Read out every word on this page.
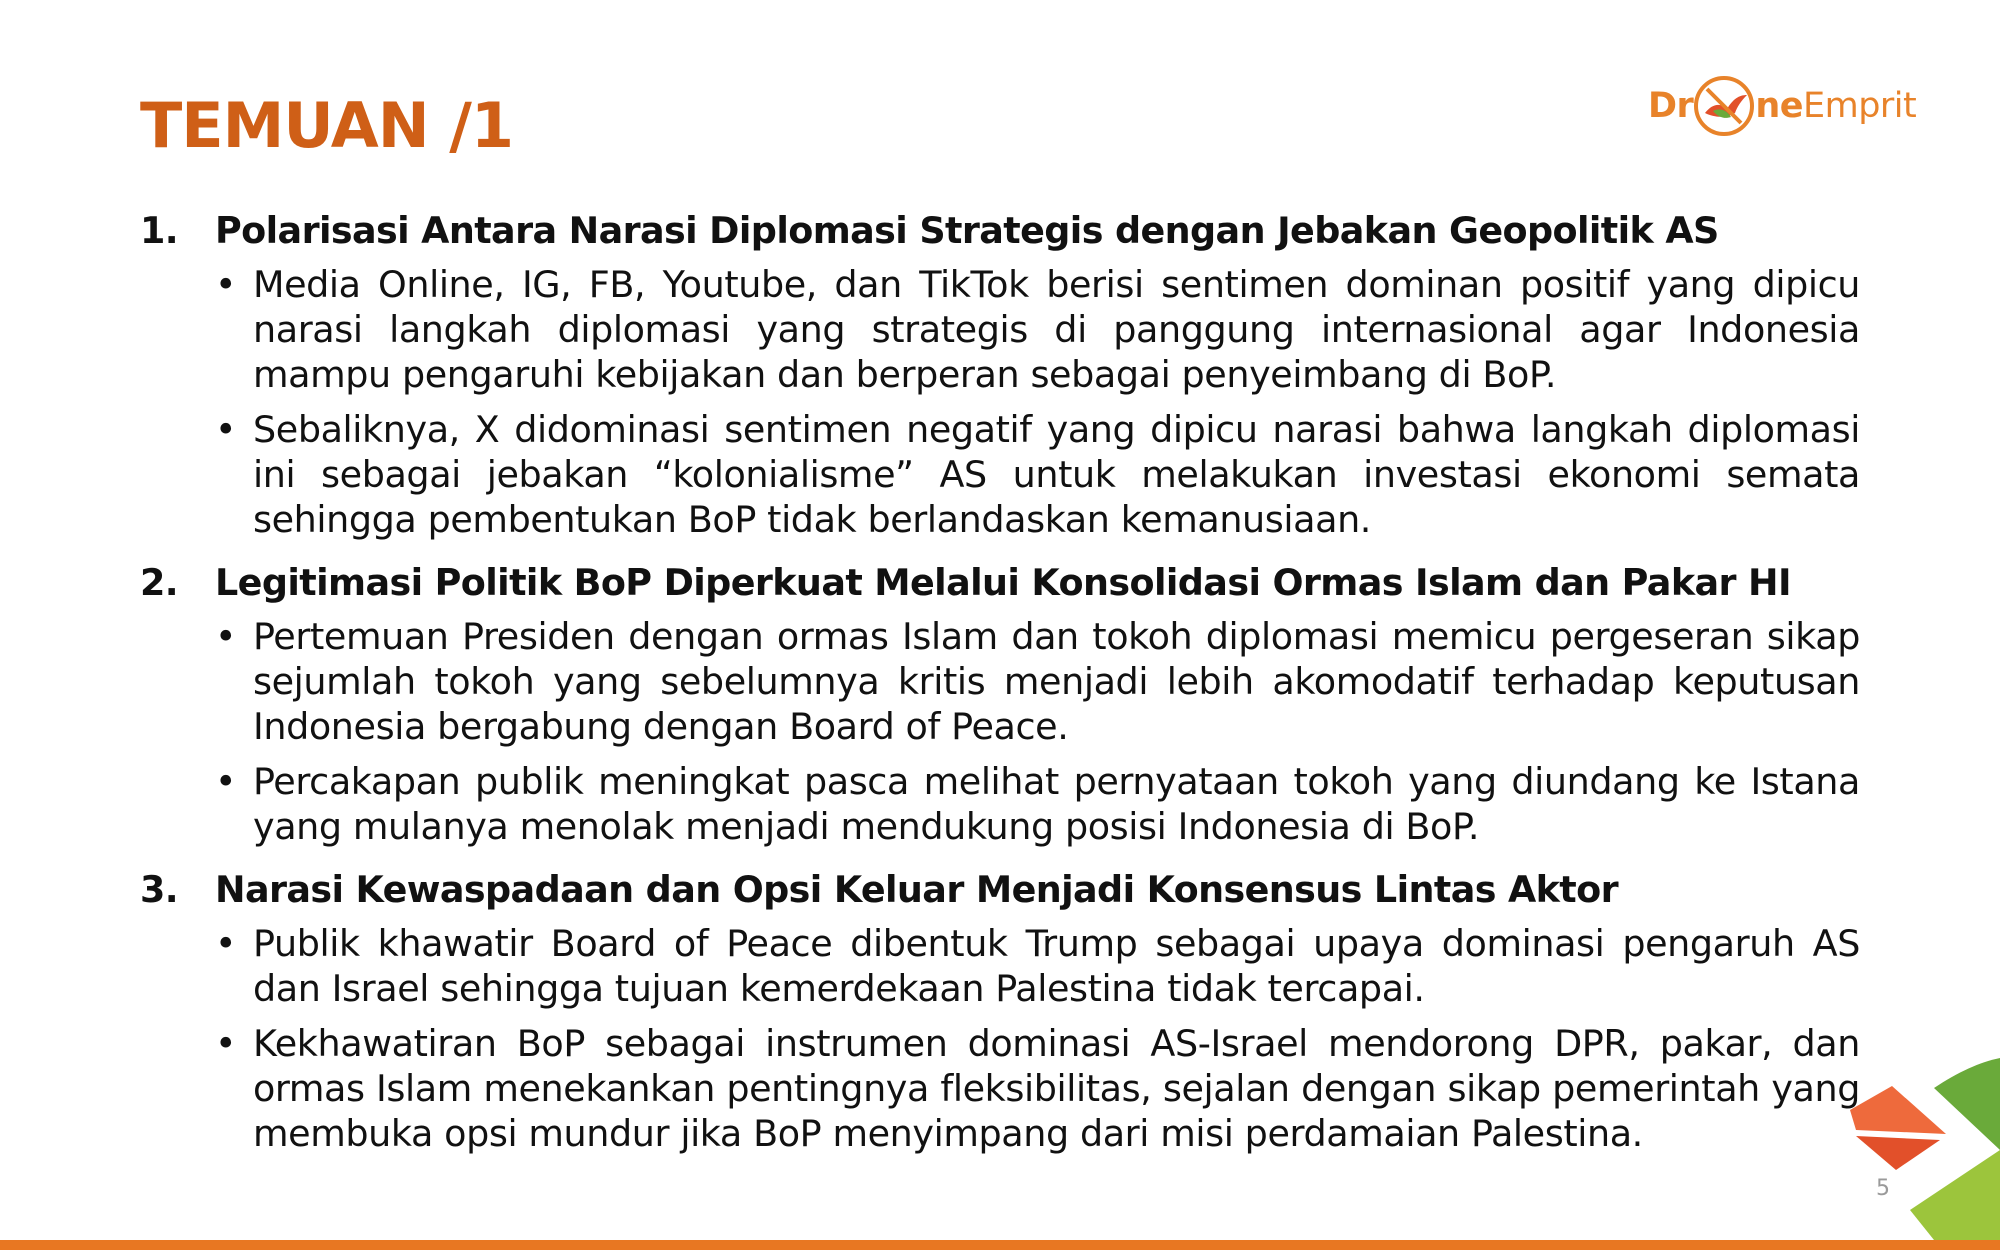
TEMUAN /1	Dr ne Emprit
1.	Polarisasi Antara Narasi Diplomasi Strategis dengan Jebakan Geopolitik AS
• Media Online, IG, FB, Youtube, dan TikTok berisi sentimen dominan positif yang dipicu narasi langkah diplomasi yang strategis di panggung internasional agar Indonesia mampu pengaruhi kebijakan dan berperan sebagai penyeimbang di BoP.
• Sebaliknya, X didominasi sentimen negatif yang dipicu narasi bahwa langkah diplomasi ini sebagai jebakan “kolonialisme” AS untuk melakukan investasi ekonomi semata sehingga pembentukan BoP tidak berlandaskan kemanusiaan.
2.	Legitimasi Politik BoP Diperkuat Melalui Konsolidasi Ormas Islam dan Pakar HI
• Pertemuan Presiden dengan ormas Islam dan tokoh diplomasi memicu pergeseran sikap sejumlah tokoh yang sebelumnya kritis menjadi lebih akomodatif terhadap keputusan Indonesia bergabung dengan Board of Peace.
• Percakapan publik meningkat pasca melihat pernyataan tokoh yang diundang ke Istana yang mulanya menolak menjadi mendukung posisi Indonesia di BoP.
3.	Narasi Kewaspadaan dan Opsi Keluar Menjadi Konsensus Lintas Aktor
• Publik khawatir Board of Peace dibentuk Trump sebagai upaya dominasi pengaruh AS dan Israel sehingga tujuan kemerdekaan Palestina tidak tercapai.
• Kekhawatiran BoP sebagai instrumen dominasi AS-Israel mendorong DPR, pakar, dan ormas Islam menekankan pentingnya fleksibilitas, sejalan dengan sikap pemerintah yang membuka opsi mundur jika BoP menyimpang dari misi perdamaian Palestina.
5
